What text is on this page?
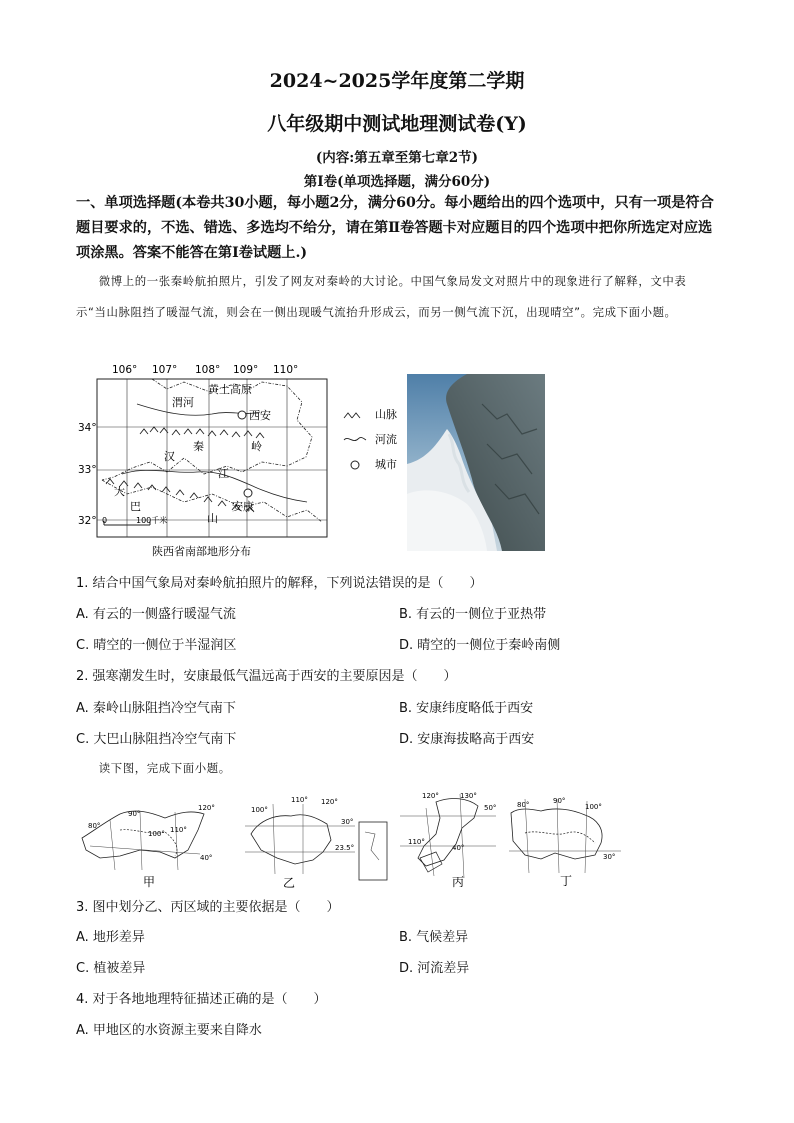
2024~2025学年度第二学期
八年级期中测试地理测试卷(Y)
(内容:第五章至第七章2节)
第Ⅰ卷(单项选择题，满分60分)
一、单项选择题(本卷共30小题，每小题2分，满分60分。每小题给出的四个选项中，只有一项是符合题目要求的，不选、错选、多选均不给分，请在第Ⅱ卷答题卡对应题目的四个选项中把你所选定对应选项涂黑。答案不能答在第Ⅰ卷试题上.)
微博上的一张秦岭航拍照片，引发了网友对秦岭的大讨论。中国气象局发文对照片中的现象进行了解释，文中表示“当山脉阻挡了暖湿气流，则会在一侧出现暖气流抬升形成云，而另一侧气流下沉，出现晴空”。完成下面小题。
106° 107° 108° 109° 110°
34°
33°
32°
黄土高原
渭河
西安
秦	岭
汉
江
安康
大
巴
山
0	100千米
陕西省南部地形分布
山脉
河流
城市
1. 结合中国气象局对秦岭航拍照片的解释，下列说法错误的是（　　）
A. 有云的一侧盛行暖湿气流	B. 有云的一侧位于亚热带
C. 晴空的一侧位于半湿润区	D. 晴空的一侧位于秦岭南侧
2. 强寒潮发生时，安康最低气温远高于西安的主要原因是（　　）
A. 秦岭山脉阻挡冷空气南下	B. 安康纬度略低于西安
C. 大巴山脉阻挡冷空气南下	D. 安康海拔略高于西安
读下图，完成下面小题。
80°
90°
100° 110°
120°
40°
甲
100°
110° 120°
30°
23.5°
乙
120°	130°
50°
110°
40°
丙
80°	90°
100°
30°
丁
3. 图中划分乙、丙区域的主要依据是（　　）
A. 地形差异	B. 气候差异
C. 植被差异	D. 河流差异
4. 对于各地地理特征描述正确的是（　　）
A. 甲地区的水资源主要来自降水
